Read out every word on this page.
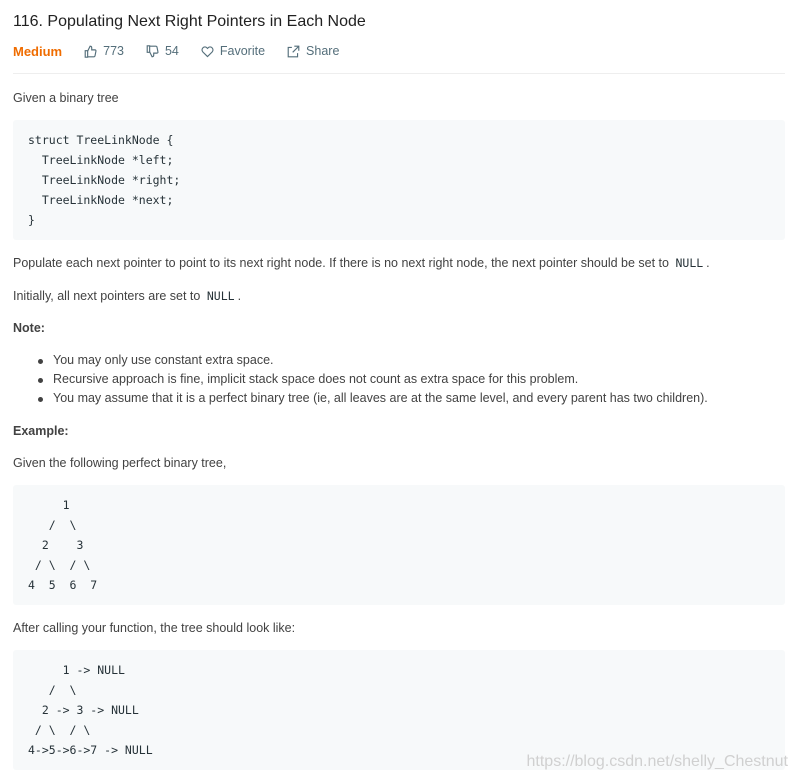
116. Populating Next Right Pointers in Each Node
Medium	773	54	Favorite	Share
Given a binary tree
struct TreeLinkNode {
TreeLinkNode *left;
TreeLinkNode *right;
TreeLinkNode *next;
}
Populate each next pointer to point to its next right node. If there is no next right node, the next pointer should be set to NULL .
Initially, all next pointers are set to NULL .
Note:
You may only use constant extra space.
Recursive approach is fine, implicit stack space does not count as extra space for this problem.
You may assume that it is a perfect binary tree (ie, all leaves are at the same level, and every parent has two children).
Example:
Given the following perfect binary tree,
1
/  \
2    3
/ \  / \
4  5  6  7
After calling your function, the tree should look like:
1 -> NULL
/  \
2 -> 3 -> NULL
/ \  / \
4->5->6->7 -> NULL
https://blog.csdn.net/shelly_Chestnut
